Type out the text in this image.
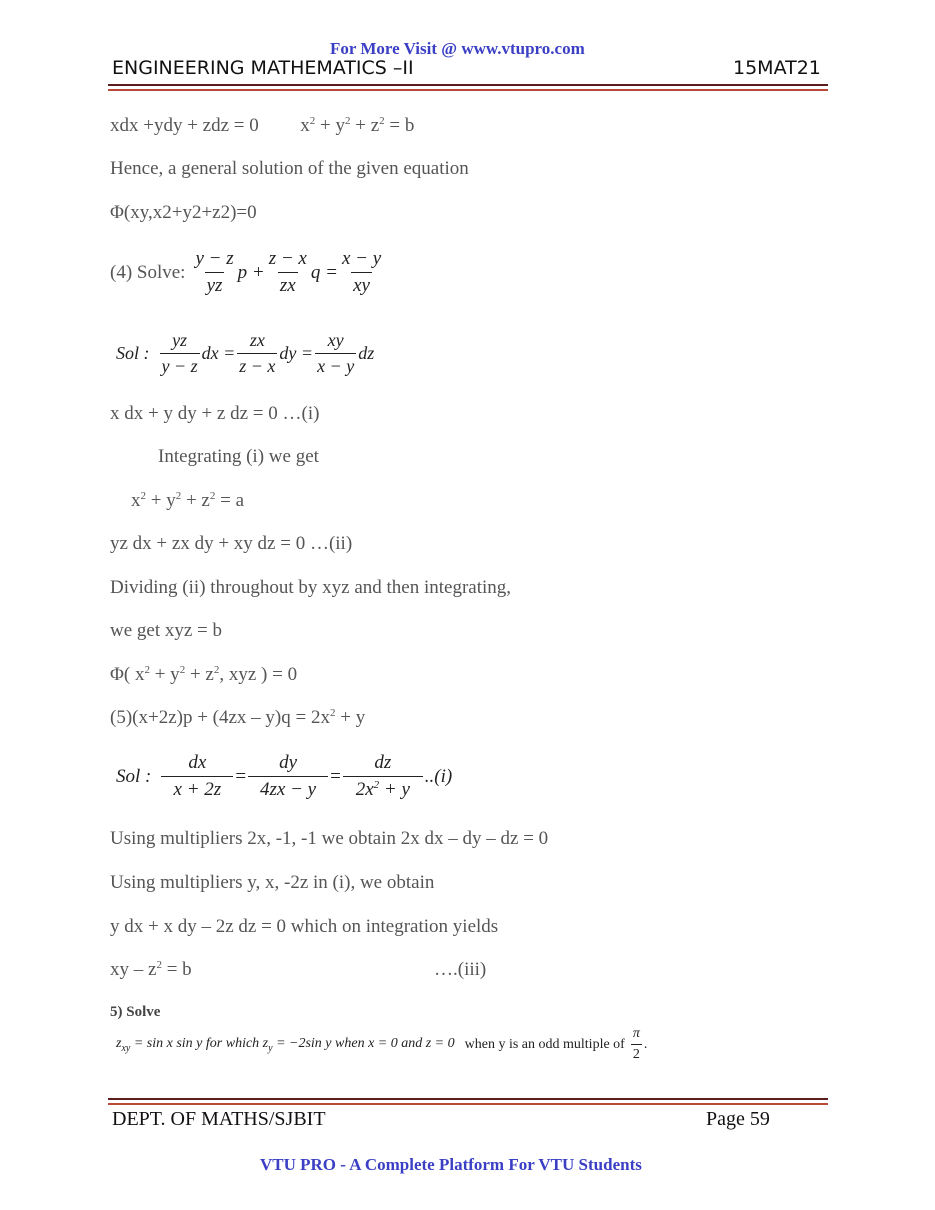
For More Visit @ www.vtupro.com
ENGINEERING MATHEMATICS –II	15MAT21
xdx +ydy + zdz = 0 $x^2 + y^2 + z^2 = b$
Hence, a general solution of the given equation
Φ(xy,x2+y2+z2)=0
(4) Solve: $\frac{y - z}{yz}$ $p + \frac{z - x}{zx}$ $q = \frac{x - y}{xy}$
Sol : $\frac{yz}{y - z}$ dx = $\frac{zx}{z - x}$ dy = $\frac{xy}{x - y}$ dz
x dx + y dy + z dz = 0 …(i)
Integrating (i) we get
$x^2 + y^2 + z^2 = a$
yz dx + zx dy + xy dz = 0 …(ii)
Dividing (ii) throughout by xyz and then integrating,
we get xyz = b
Φ( $x^2 + y^2 + z^2$, xyz ) = 0
$(5)(x+2z)p + (4zx - y)q = 2x^2 + y$
Sol : $\frac{dx}{x + 2z} = \frac{dy}{4zx - y} = \frac{dz}{2x^2 + y} ..(i)$
Using multipliers 2x, -1, -1 we obtain 2x dx – dy – dz = 0
Using multipliers y, x, -2z in (i), we obtain
y dx + x dy – 2z dz = 0 which on integration yields
xy – $z^2 = b$	….(iii)
5) Solve
$z_{xy} = \sin x$ sin y for which $z_y = -2\sin$ y when x = 0 and z = 0 when y is an odd multiple of $\frac{\pi}{2}$ .
DEPT. OF MATHS/SJBIT	Page 59
VTU PRO - A Complete Platform For VTU Students
